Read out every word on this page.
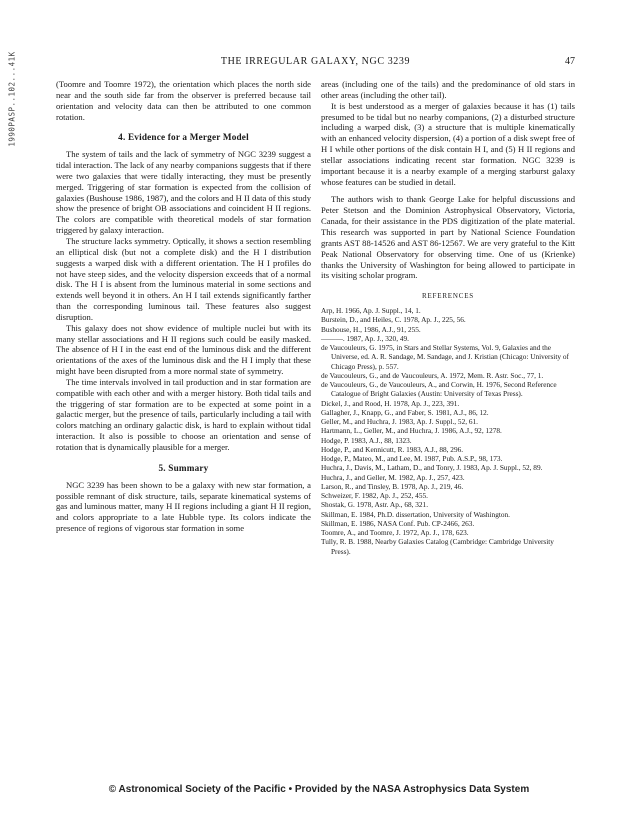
1990PASP..102...41K	THE IRREGULAR GALAXY, NGC 3239	47

(Toomre and Toomre 1972), the orientation which places the north side near and the south side far from the observer is preferred because tail orientation and velocity data can then be attributed to one common rotation.

4. Evidence for a Merger Model

The system of tails and the lack of symmetry of NGC 3239 suggest a tidal interaction. The lack of any nearby companions suggests that if there were two galaxies that were tidally interacting, they must be presently merged. Triggering of star formation is expected from the collision of galaxies (Bushouse 1986, 1987), and the colors and H II data of this study show the presence of bright OB associations and coincident H II regions. The colors are compatible with theoretical models of star formation triggered by galaxy interaction.

The structure lacks symmetry. Optically, it shows a section resembling an elliptical disk (but not a complete disk) and the H I distribution suggests a warped disk with a different orientation. The H I profiles do not have steep sides, and the velocity dispersion exceeds that of a normal disk. The H I is absent from the luminous material in some sections and extends well beyond it in others. An H I tail extends significantly farther than the corresponding luminous tail. These features also suggest disruption.

This galaxy does not show evidence of multiple nuclei but with its many stellar associations and H II regions such could be easily masked. The absence of H I in the east end of the luminous disk and the different orientations of the axes of the luminous disk and the H I imply that these might have been disrupted from a more normal state of symmetry.

The time intervals involved in tail production and in star formation are compatible with each other and with a merger history. Both tidal tails and the triggering of star formation are to be expected at some point in a galactic merger, but the presence of tails, particularly including a tail with colors matching an ordinary galactic disk, is hard to explain without tidal interaction. It also is possible to choose an orientation and sense of rotation that is dynamically plausible for a merger.

5. Summary

NGC 3239 has been shown to be a galaxy with new star formation, a possible remnant of disk structure, tails, separate kinematical systems of gas and luminous matter, many H II regions including a giant H II region, and colors appropriate to a late Hubble type. Its colors indicate the presence of regions of vigorous star formation in some

areas (including one of the tails) and the predominance of old stars in other areas (including the other tail).

It is best understood as a merger of galaxies because it has (1) tails presumed to be tidal but no nearby companions, (2) a disturbed structure including a warped disk, (3) a structure that is multiple kinematically with an enhanced velocity dispersion, (4) a portion of a disk swept free of H I while other portions of the disk contain H I, and (5) H II regions and stellar associations indicating recent star formation. NGC 3239 is important because it is a nearby example of a merging starburst galaxy whose features can be studied in detail.

The authors wish to thank George Lake for helpful discussions and Peter Stetson and the Dominion Astrophysical Observatory, Victoria, Canada, for their assistance in the PDS digitization of the plate material. This research was supported in part by National Science Foundation grants AST 88-14526 and AST 86-12567. We are very grateful to the Kitt Peak National Observatory for observing time. One of us (Krienke) thanks the University of Washington for being allowed to participate in its visiting scholar program.

REFERENCES
Arp, H. 1966, Ap. J. Suppl., 14, 1.
Burstein, D., and Heiles, C. 1978, Ap. J., 225, 56.
Bushouse, H., 1986, A.J., 91, 255.
———. 1987, Ap. J., 320, 49.
de Vaucouleurs, G. 1975, in Stars and Stellar Systems, Vol. 9, Galaxies and the Universe, ed. A. R. Sandage, M. Sandage, and J. Kristian (Chicago: University of Chicago Press), p. 557.
de Vaucouleurs, G., and de Vaucouleurs, A. 1972, Mem. R. Astr. Soc., 77, 1.
de Vaucouleurs, G., de Vaucouleurs, A., and Corwin, H. 1976, Second Reference Catalogue of Bright Galaxies (Austin: University of Texas Press).
Dickel, J., and Rood, H. 1978, Ap. J., 223, 391.
Gallagher, J., Knapp, G., and Faber, S. 1981, A.J., 86, 12.
Geller, M., and Huchra, J. 1983, Ap. J. Suppl., 52, 61.
Hartmann, L., Geller, M., and Huchra, J. 1986, A.J., 92, 1278.
Hodge, P. 1983, A.J., 88, 1323.
Hodge, P., and Kennicutt, R. 1983, A.J., 88, 296.
Hodge, P., Mateo, M., and Lee, M. 1987, Pub. A.S.P., 98, 173.
Huchra, J., Davis, M., Latham, D., and Tonry, J. 1983, Ap. J. Suppl., 52, 89.
Huchra, J., and Geller, M. 1982, Ap. J., 257, 423.
Larson, R., and Tinsley, B. 1978, Ap. J., 219, 46.
Schweizer, F. 1982, Ap. J., 252, 455.
Shostak, G. 1978, Astr. Ap., 68, 321.
Skillman, E. 1984, Ph.D. dissertation, University of Washington.
Skillman, E. 1986, NASA Conf. Pub. CP-2466, 263.
Toomre, A., and Toomre, J. 1972, Ap. J., 178, 623.
Tully, R. B. 1988, Nearby Galaxies Catalog (Cambridge: Cambridge University Press).
© Astronomical Society of the Pacific • Provided by the NASA Astrophysics Data System
